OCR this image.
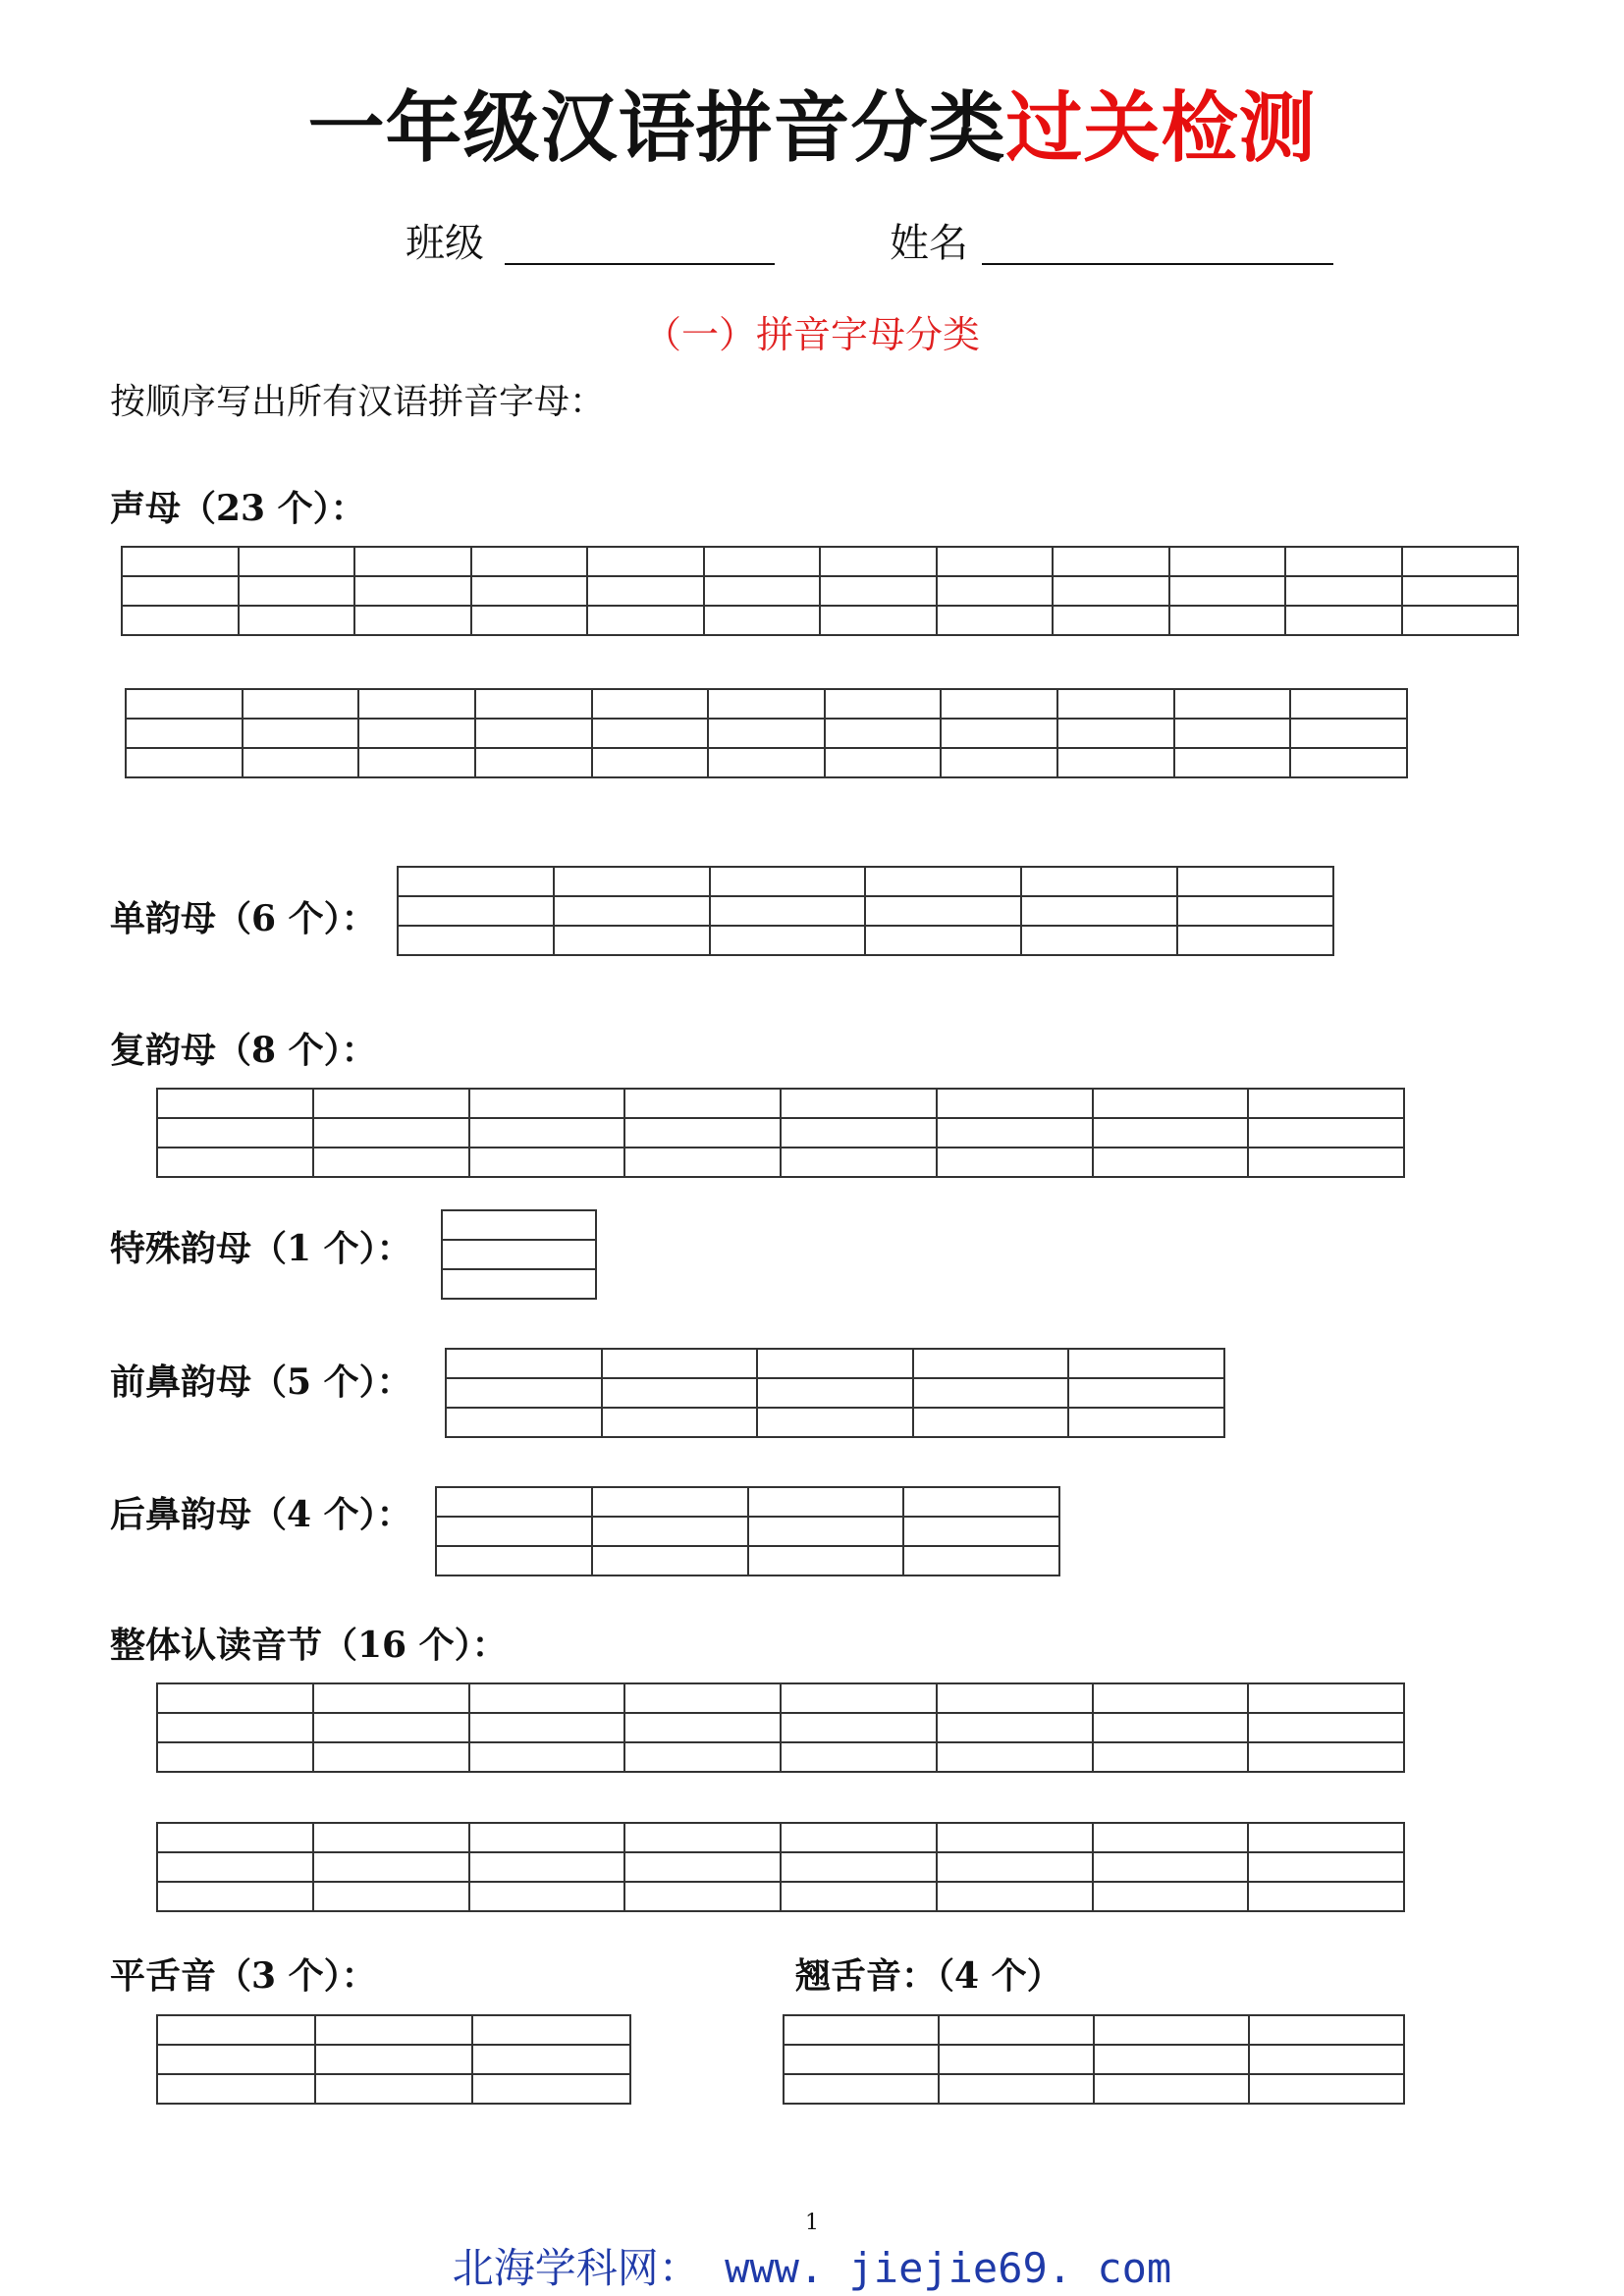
一年级汉语拼音分类过关检测
班级	姓名
（一）拼音字母分类
按顺序写出所有汉语拼音字母：
声母（23 个）：

单韵母（6 个）：

复韵母（8 个）：

特殊韵母（1 个）：

前鼻韵母（5 个）：

后鼻韵母（4 个）：

整体认读音节（16 个）：

平舌音（3 个）：

			翘舌音：（4 个）

1
北海学科网： www. jiejie69. com
